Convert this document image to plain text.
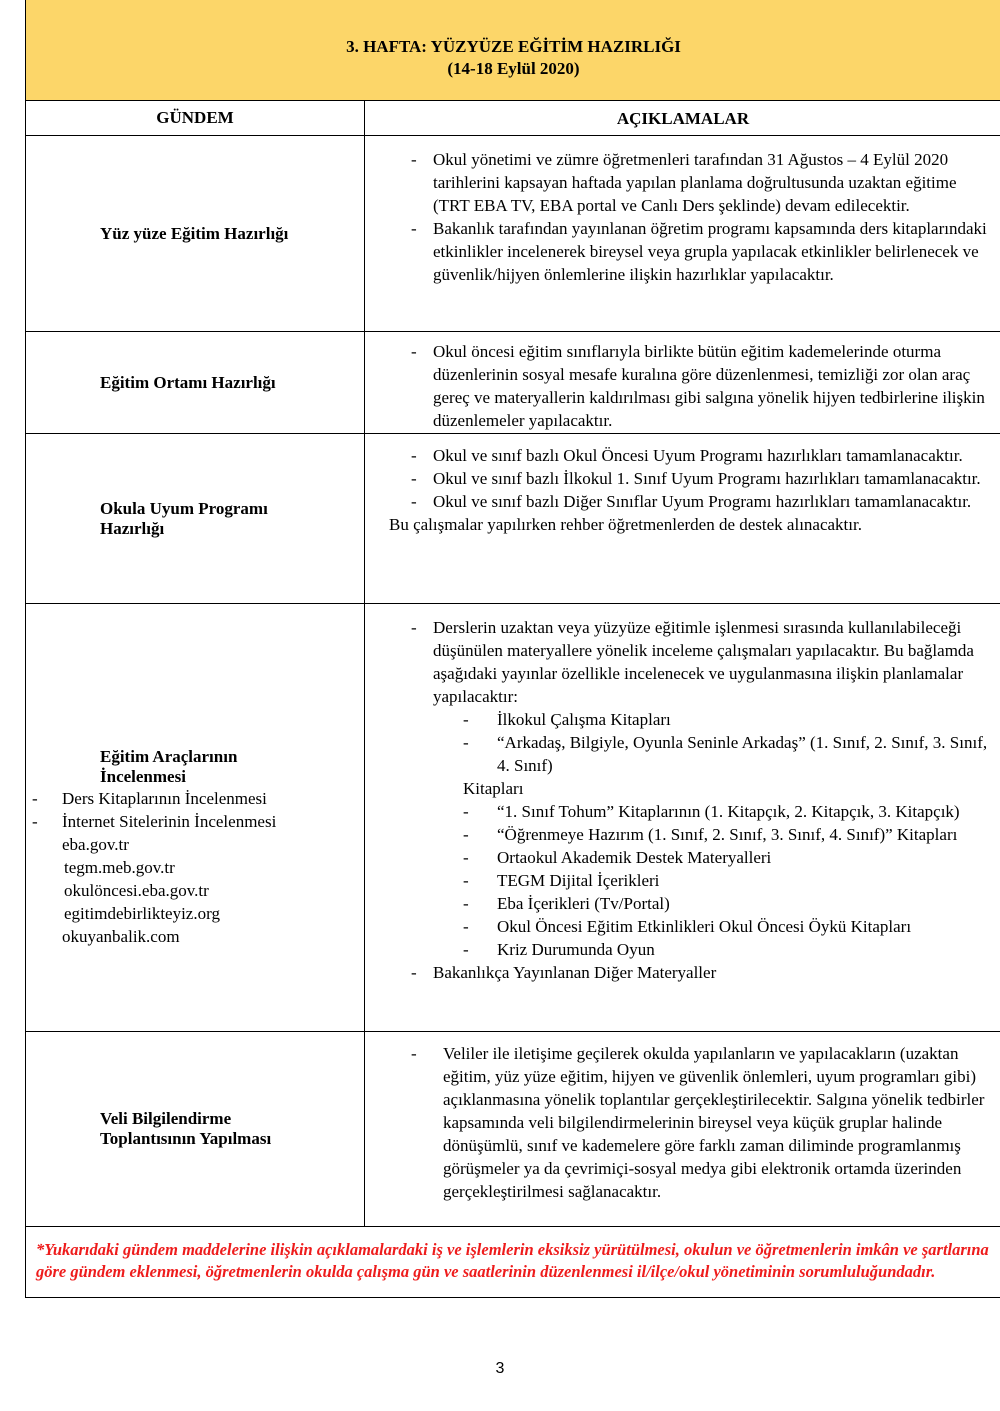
3. HAFTA: YÜZYÜZE EĞİTİM HAZIRLIĞI
(14-18 Eylül 2020)
GÜNDEM	AÇIKLAMALAR
Yüz yüze Eğitim Hazırlığı
- Okul yönetimi ve zümre öğretmenleri tarafından 31 Ağustos – 4 Eylül 2020 tarihlerini kapsayan haftada yapılan planlama doğrultusunda uzaktan eğitime (TRT EBA TV, EBA portal ve Canlı Ders şeklinde) devam edilecektir.
- Bakanlık tarafından yayınlanan öğretim programı kapsamında ders kitaplarındaki etkinlikler incelenerek bireysel veya grupla yapılacak etkinlikler belirlenecek ve güvenlik/hijyen önlemlerine ilişkin hazırlıklar yapılacaktır.
Eğitim Ortamı Hazırlığı
- Okul öncesi eğitim sınıflarıyla birlikte bütün eğitim kademelerinde oturma düzenlerinin sosyal mesafe kuralına göre düzenlenmesi, temizliği zor olan araç gereç ve materyallerin kaldırılması gibi salgına yönelik hijyen tedbirlerine ilişkin düzenlemeler yapılacaktır.
Okula Uyum Programı
Hazırlığı
- Okul ve sınıf bazlı Okul Öncesi Uyum Programı hazırlıkları tamamlanacaktır.
- Okul ve sınıf bazlı İlkokul 1. Sınıf Uyum Programı hazırlıkları tamamlanacaktır.
- Okul ve sınıf bazlı Diğer Sınıflar Uyum Programı hazırlıkları tamamlanacaktır.
Bu çalışmalar yapılırken rehber öğretmenlerden de destek alınacaktır.
Eğitim Araçlarının
İncelenmesi
- Ders Kitaplarının İncelenmesi
- İnternet Sitelerinin İncelenmesi
eba.gov.tr
tegm.meb.gov.tr
okulöncesi.eba.gov.tr
egitimdebirlikteyiz.org
okuyanbalik.com
- Derslerin uzaktan veya yüzyüze eğitimle işlenmesi sırasında kullanılabileceği düşünülen materyallere yönelik inceleme çalışmaları yapılacaktır. Bu bağlamda aşağıdaki yayınlar özellikle incelenecek ve uygulanmasına ilişkin planlamalar yapılacaktır:
- İlkokul Çalışma Kitapları
- “Arkadaş, Bilgiyle, Oyunla Seninle Arkadaş” (1. Sınıf, 2. Sınıf, 3. Sınıf, 4. Sınıf)
Kitapları
- “1. Sınıf Tohum” Kitaplarının (1. Kitapçık, 2. Kitapçık, 3. Kitapçık)
- “Öğrenmeye Hazırım (1. Sınıf, 2. Sınıf, 3. Sınıf, 4. Sınıf)” Kitapları
- Ortaokul Akademik Destek Materyalleri
- TEGM Dijital İçerikleri
- Eba İçerikleri (Tv/Portal)
- Okul Öncesi Eğitim Etkinlikleri Okul Öncesi Öykü Kitapları
- Kriz Durumunda Oyun
- Bakanlıkça Yayınlanan Diğer Materyaller
Veli Bilgilendirme
Toplantısının Yapılması
- Veliler ile iletişime geçilerek okulda yapılanların ve yapılacakların (uzaktan eğitim, yüz yüze eğitim, hijyen ve güvenlik önlemleri, uyum programları gibi) açıklanmasına yönelik toplantılar gerçekleştirilecektir. Salgına yönelik tedbirler kapsamında veli bilgilendirmelerinin bireysel veya küçük gruplar halinde dönüşümlü, sınıf ve kademelere göre farklı zaman diliminde programlanmış görüşmeler ya da çevrimiçi-sosyal medya gibi elektronik ortamda üzerinden gerçekleştirilmesi sağlanacaktır.
*Yukarıdaki gündem maddelerine ilişkin açıklamalardaki iş ve işlemlerin eksiksiz yürütülmesi, okulun ve öğretmenlerin imkân ve şartlarına göre gündem eklenmesi, öğretmenlerin okulda çalışma gün ve saatlerinin düzenlenmesi il/ilçe/okul yönetiminin sorumluluğundadır.
3
